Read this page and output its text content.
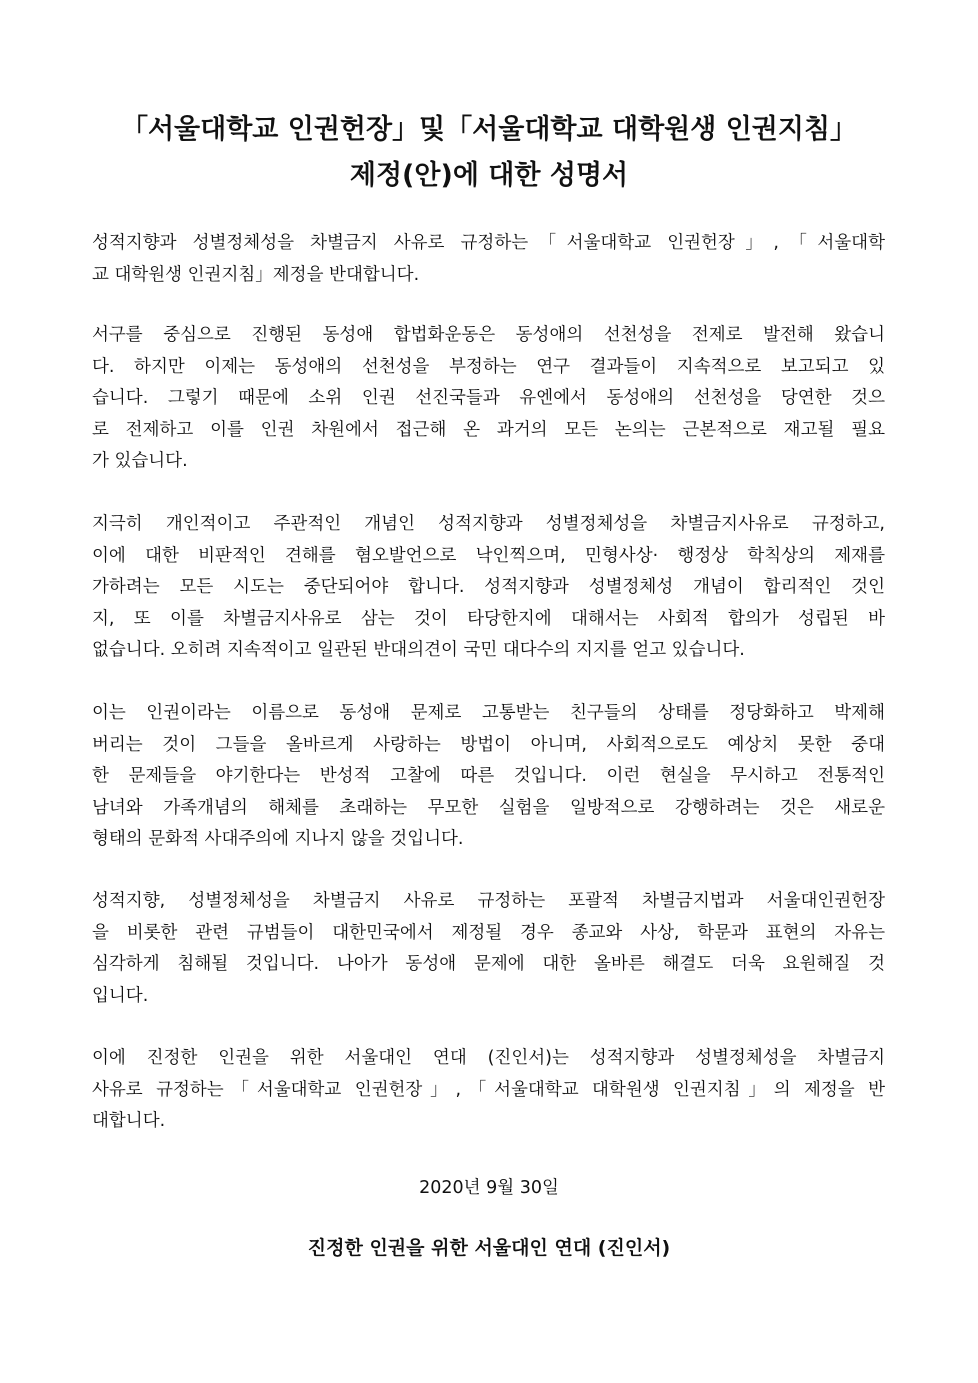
「서울대학교 인권헌장」및「서울대학교 대학원생 인권지침」
제정(안)에 대한 성명서
성적지향과 성별정체성을 차별금지 사유로 규정하는「서울대학교 인권헌장」,「서울대학
교 대학원생 인권지침」제정을 반대합니다.
서구를 중심으로 진행된 동성애 합법화운동은 동성애의 선천성을 전제로 발전해 왔습니
다. 하지만 이제는 동성애의 선천성을 부정하는 연구 결과들이 지속적으로 보고되고 있
습니다. 그렇기 때문에 소위 인권 선진국들과 유엔에서 동성애의 선천성을 당연한 것으
로 전제하고 이를 인권 차원에서 접근해 온 과거의 모든 논의는 근본적으로 재고될 필요
가 있습니다.
지극히 개인적이고 주관적인 개념인 성적지향과 성별정체성을 차별금지사유로 규정하고,
이에 대한 비판적인 견해를 혐오발언으로 낙인찍으며, 민형사상· 행정상 학칙상의 제재를
가하려는 모든 시도는 중단되어야 합니다. 성적지향과 성별정체성 개념이 합리적인 것인
지, 또 이를 차별금지사유로 삼는 것이 타당한지에 대해서는 사회적 합의가 성립된 바
없습니다. 오히려 지속적이고 일관된 반대의견이 국민 대다수의 지지를 얻고 있습니다.
이는 인권이라는 이름으로 동성애 문제로 고통받는 친구들의 상태를 정당화하고 박제해
버리는 것이 그들을 올바르게 사랑하는 방법이 아니며, 사회적으로도 예상치 못한 중대
한 문제들을 야기한다는 반성적 고찰에 따른 것입니다. 이런 현실을 무시하고 전통적인
남녀와 가족개념의 해체를 초래하는 무모한 실험을 일방적으로 강행하려는 것은 새로운
형태의 문화적 사대주의에 지나지 않을 것입니다.
성적지향, 성별정체성을 차별금지 사유로 규정하는 포괄적 차별금지법과 서울대인권헌장
을 비롯한 관련 규범들이 대한민국에서 제정될 경우 종교와 사상, 학문과 표현의 자유는
심각하게 침해될 것입니다. 나아가 동성애 문제에 대한 올바른 해결도 더욱 요원해질 것
입니다.
이에 진정한 인권을 위한 서울대인 연대 (진인서)는 성적지향과 성별정체성을 차별금지
사유로 규정하는「서울대학교 인권헌장」,「서울대학교 대학원생 인권지침」의 제정을 반
대합니다.
2020년 9월 30일
진정한 인권을 위한 서울대인 연대 (진인서)
